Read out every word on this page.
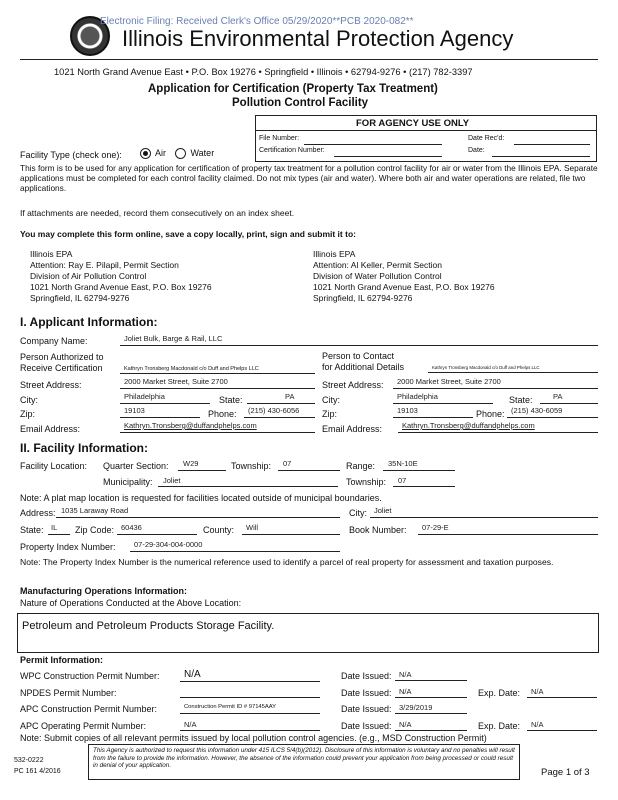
Electronic Filing: Received Clerk's Office 05/29/2020**PCB 2020-082**
Illinois Environmental Protection Agency
1021 North Grand Avenue East • P.O. Box 19276 • Springfield • Illinois • 62794-9276 • (217) 782-3397
Application for Certification (Property Tax Treatment)
Pollution Control Facility
FOR AGENCY USE ONLY
File Number:
Certification Number:
Date Rec'd:
Date:
Facility Type (check one):	Air	Water
This form is to be used for any application for certification of property tax treatment for a pollution control facility for air or water from the Illinois EPA. Separate applications must be completed for each control facility claimed. Do not mix types (air and water). Where both air and water operations are related, file two applications.
If attachments are needed, record them consecutively on an index sheet.
You may complete this form online, save a copy locally, print, sign and submit it to:
Illinois EPA
Attention: Ray E. Pilapil, Permit Section
Division of Air Pollution Control
1021 North Grand Avenue East, P.O. Box 19276
Springfield, IL 62794-9276
Illinois EPA
Attention: Al Keller, Permit Section
Division of Water Pollution Control
1021 North Grand Avenue East, P.O. Box 19276
Springfield, IL 62794-9276
I. Applicant Information:
Company Name:	Joliet Bulk, Barge & Rail, LLC
Person Authorized to
Receive Certification	Kathryn Tronsberg Macdonald c/o Duff and Phelps LLC
Person to Contact
for Additional Details	Kathryn Tronsberg Macdonald c/o Duff and Phelps LLC
Street Address:	2000 Market Street, Suite 2700	Street Address: 2000 Market Street, Suite 2700
City:	Philadelphia	State:	PA	City:	Philadelphia	State:	PA
Zip:	19103	Phone: (215) 430-6056	Zip:	19103	Phone: (215) 430-6059
Email Address:	Kathryn.Tronsberg@duffandphelps.com	Email Address:	Kathryn.Tronsberg@duffandphelps.com
II. Facility Information:
Facility Location: Quarter Section: W29	Township: 07	Range: 35N-10E
Municipality: Joliet	Township: 07
Note: A plat map location is requested for facilities located outside of municipal boundaries.
Address: 1035 Laraway Road	City: Joliet
State: IL Zip Code: 60436	County: Will	Book Number: 07-29-E
Property Index Number: 07-29-304-004-0000
Note: The Property Index Number is the numerical reference used to identify a parcel of real property for assessment and taxation purposes.
Manufacturing Operations Information:
Nature of Operations Conducted at the Above Location:
Petroleum and Petroleum Products Storage Facility.
Permit Information:
WPC Construction Permit Number: N/A	Date Issued: N/A
NPDES Permit Number:	Date Issued: N/A	Exp. Date: N/A
APC Construction Permit Number:	Construction Permit ID # 97145AAY	Date Issued: 3/29/2019
APC Operating Permit Number:	N/A	Date Issued: N/A	Exp. Date: N/A
Note: Submit copies of all relevant permits issued by local pollution control agencies. (e.g., MSD Construction Permit)
This Agency is authorized to request this information under 415 ILCS 5/4(b)(2012). Disclosure of this information is voluntary and no penalties will result from the failure to provide the information. However, the absence of the information could prevent your application from being processed or could result in denial of your application.
532-0222
PC 161 4/2016	Page 1 of 3
